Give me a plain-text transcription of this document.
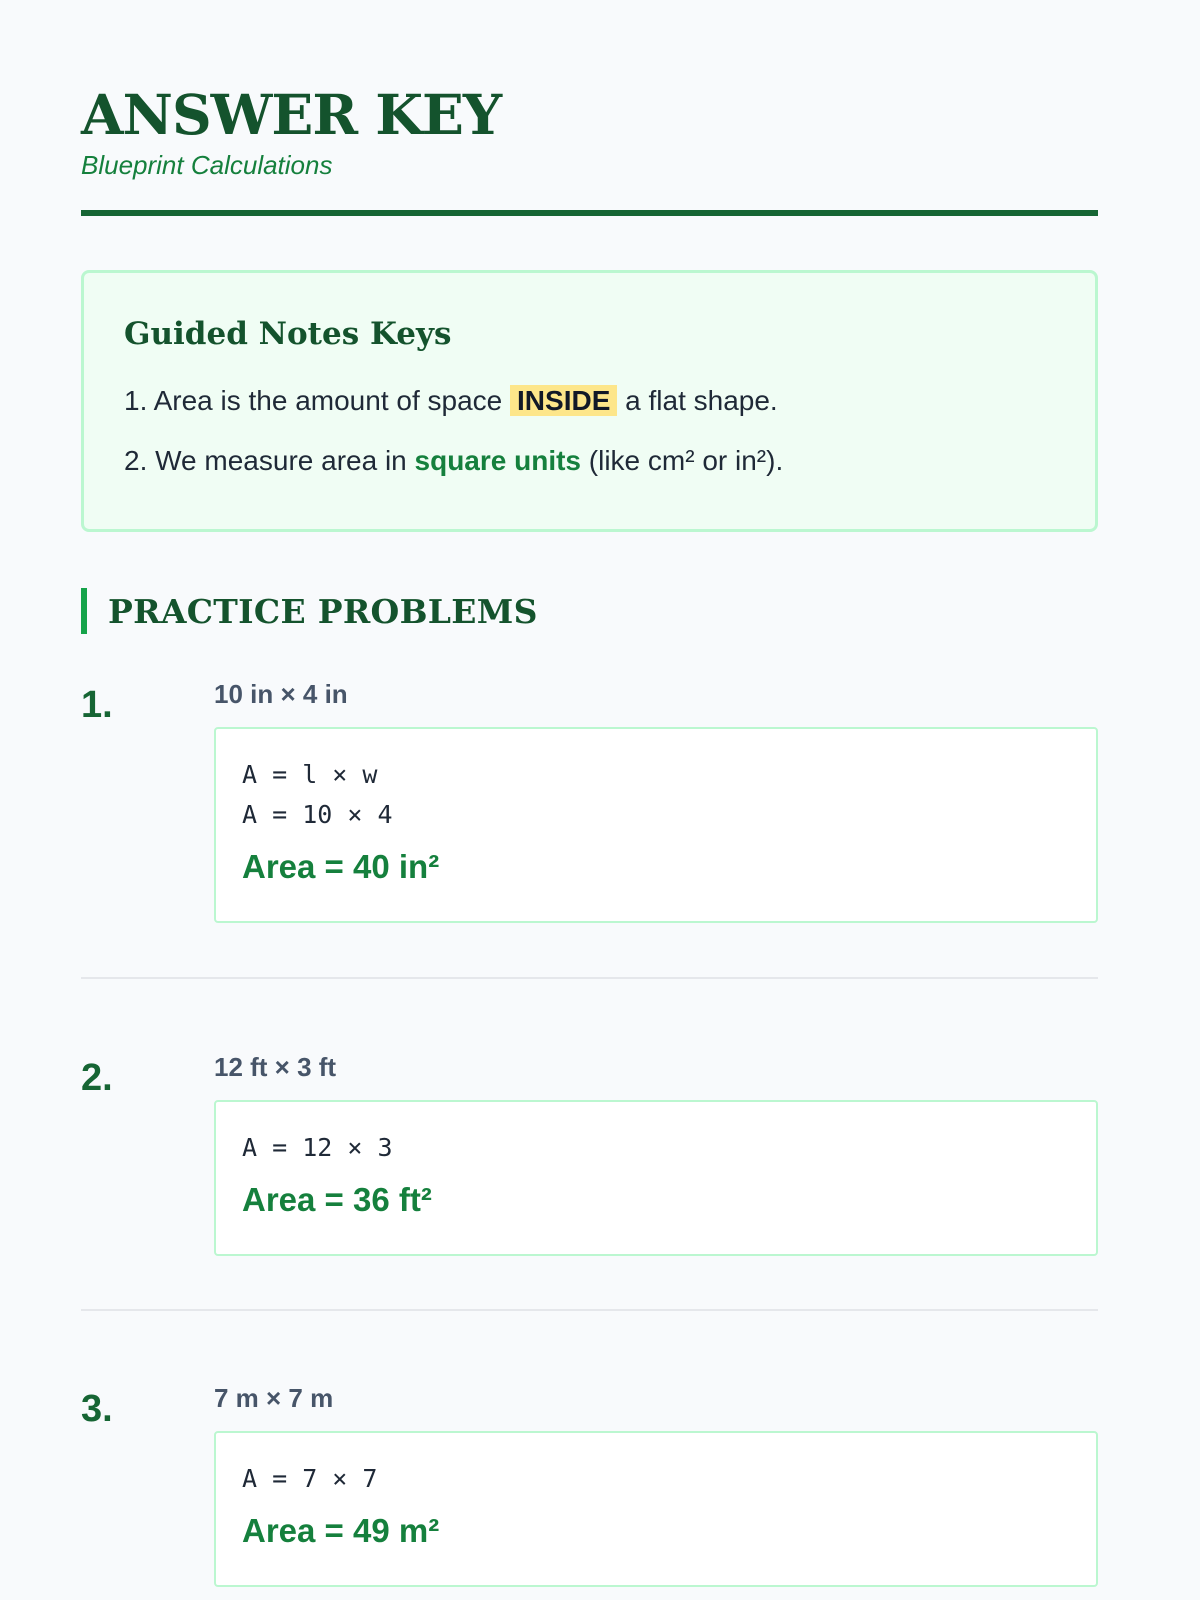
ANSWER KEY

Blueprint Calculations

Guided Notes Keys

1. Area is the amount of space INSIDE a flat shape.

2. We measure area in square units (like cm² or in²).

PRACTICE PROBLEMS
1.	10 in × 4 in
A = l × w
A = 10 × 4
Area = 40 in²
2.	12 ft × 3 ft
A = 12 × 3
Area = 36 ft²
3.	7 m × 7 m
A = 7 × 7
Area = 49 m²
